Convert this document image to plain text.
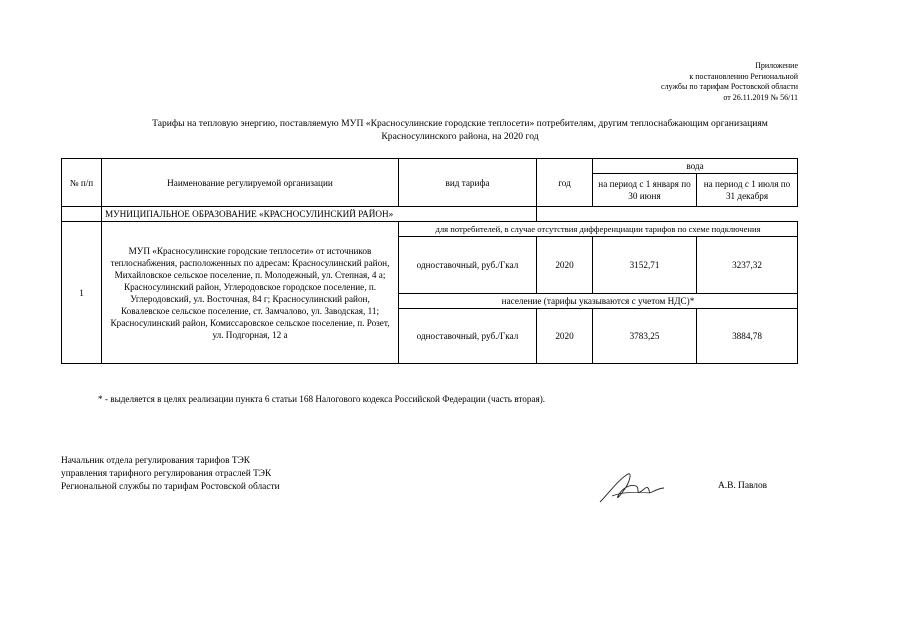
Приложение
к постановлению Региональной
службы по тарифам Ростовской области
от 26.11.2019 № 56/11
Тарифы на тепловую энергию, поставляемую МУП «Красносулинские городские теплосети» потребителям, другим теплоснабжающим организациям
Красносулинского района, на 2020 год
№ п/п	Наименование регулируемой организации	вид тарифа	год	вода	
				на период с 1 января по 30 июня	на период с 1 июля по 31 декабря
	МУНИЦИПАЛЬНОЕ ОБРАЗОВАНИЕ «КРАСНОСУЛИНСКИЙ РАЙОН»				
1	МУП «Красносулинские городские теплосети» от источников теплоснабжения, расположенных по адресам: Красносулинский район, Михайловское сельское поселение, п. Молодежный, ул. Степная, 4 а; Красносулинский район, Углеродовское городское поселение, п. Углеродовский, ул. Восточная, 84 г; Красносулинский район, Ковалевское сельское поселение, ст. Замчалово, ул. Заводская, 11; Красносулинский район, Комиссаровское сельское поселение, п. Розет, ул. Подгорная, 12 а	для потребителей, в случае отсутствия дифференциации тарифов по схеме подключения			
		одноставочный, руб./Гкал	2020	3152,71	3237,32
		население (тарифы указываются с учетом НДС)*			
		одноставочный, руб./Гкал	2020	3783,25	3884,78
* - выделяется в целях реализации пункта 6 статьи 168 Налогового кодекса Российской Федерации (часть вторая).
Начальник отдела регулирования тарифов ТЭК
управления тарифного регулирования отраслей ТЭК
Региональной службы по тарифам Ростовской области	А.В. Павлов
